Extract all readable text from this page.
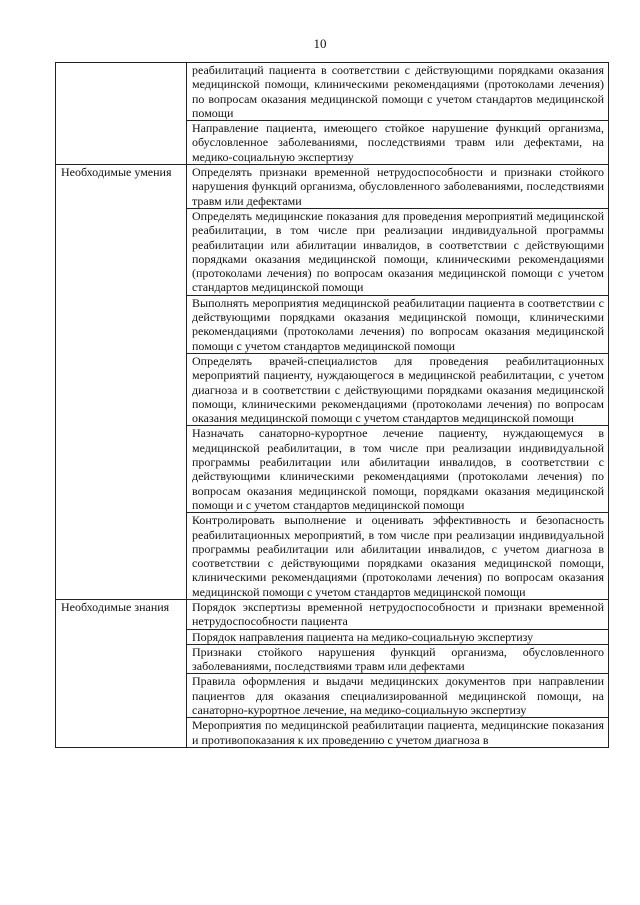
10
	реабилитаций пациента в соответствии с действующими порядками оказания медицинской помощи, клиническими рекомендациями (протоколами лечения) по вопросам оказания медицинской помощи с учетом стандартов медицинской помощи
	Направление пациента, имеющего стойкое нарушение функций организма, обусловленное заболеваниями, последствиями травм или дефектами, на медико-социальную экспертизу
Необходимые умения	Определять признаки временной нетрудоспособности и признаки стойкого нарушения функций организма, обусловленного заболеваниями, последствиями травм или дефектами
	Определять медицинские показания для проведения мероприятий медицинской реабилитации, в том числе при реализации индивидуальной программы реабилитации или абилитации инвалидов, в соответствии с действующими порядками оказания медицинской помощи, клиническими рекомендациями (протоколами лечения) по вопросам оказания медицинской помощи с учетом стандартов медицинской помощи
	Выполнять мероприятия медицинской реабилитации пациента в соответствии с действующими порядками оказания медицинской помощи, клиническими рекомендациями (протоколами лечения) по вопросам оказания медицинской помощи с учетом стандартов медицинской помощи
	Определять врачей-специалистов для проведения реабилитационных мероприятий пациенту, нуждающегося в медицинской реабилитации, с учетом диагноза и в соответствии с действующими порядками оказания медицинской помощи, клиническими рекомендациями (протоколами лечения) по вопросам оказания медицинской помощи с учетом стандартов медицинской помощи
	Назначать санаторно-курортное лечение пациенту, нуждающемуся в медицинской реабилитации, в том числе при реализации индивидуальной программы реабилитации или абилитации инвалидов, в соответствии с действующими клиническими рекомендациями (протоколами лечения) по вопросам оказания медицинской помощи, порядками оказания медицинской помощи и с учетом стандартов медицинской помощи
	Контролировать выполнение и оценивать эффективность и безопасность реабилитационных мероприятий, в том числе при реализации индивидуальной программы реабилитации или абилитации инвалидов, с учетом диагноза в соответствии с действующими порядками оказания медицинской помощи, клиническими рекомендациями (протоколами лечения) по вопросам оказания медицинской помощи с учетом стандартов медицинской помощи
Необходимые знания	Порядок экспертизы временной нетрудоспособности и признаки временной нетрудоспособности пациента
	Порядок направления пациента на медико-социальную экспертизу
	Признаки стойкого нарушения функций организма, обусловленного заболеваниями, последствиями травм или дефектами
	Правила оформления и выдачи медицинских документов при направлении пациентов для оказания специализированной медицинской помощи, на санаторно-курортное лечение, на медико-социальную экспертизу
	Мероприятия по медицинской реабилитации пациента, медицинские показания и противопоказания к их проведению с учетом диагноза в
